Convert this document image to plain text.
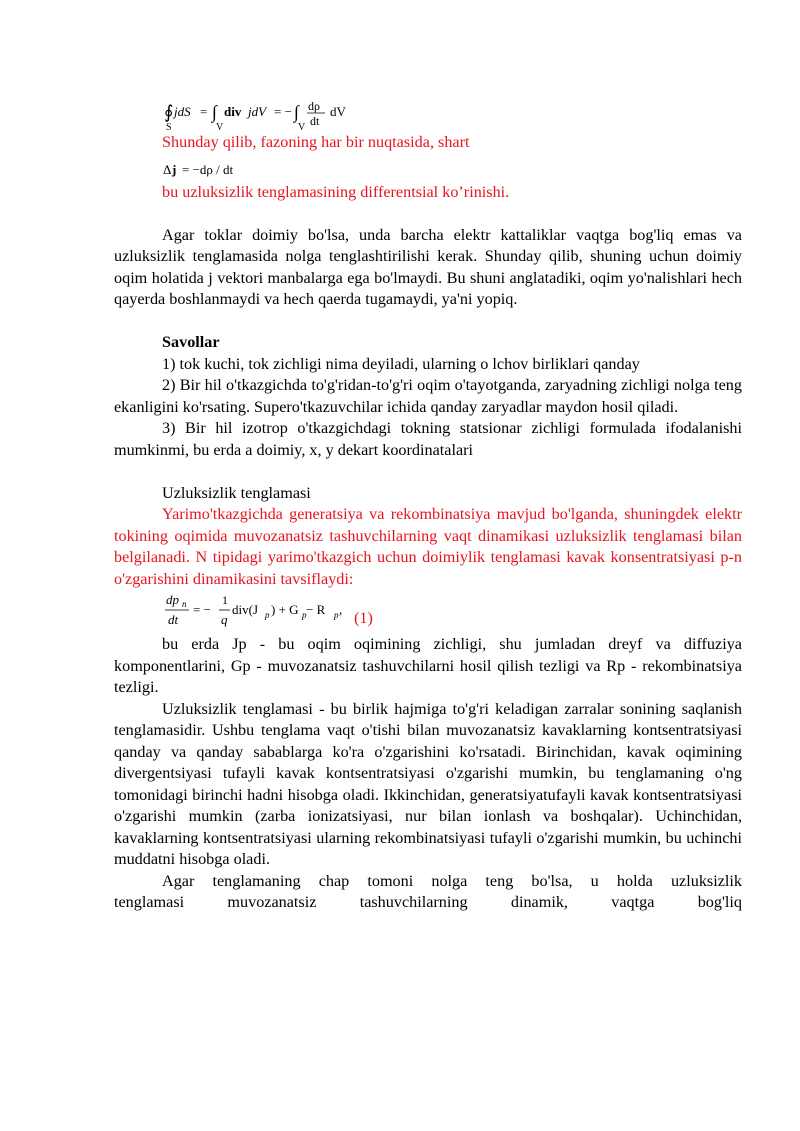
∮
S
jdS = ∫
V
div jdV = − ∫
V
dρ
dt
dV

Shunday qilib, fazoning har bir nuqtasida, shart

Δ j = −dρ / dt

bu uzluksizlik tenglamasining differentsial ko’rinishi.

Agar toklar doimiy bo'lsa, unda barcha elektr kattaliklar vaqtga bog'liq emas va uzluksizlik tenglamasida nolga tenglashtirilishi kerak. Shunday qilib, shuning uchun doimiy oqim holatida j vektori manbalarga ega bo'lmaydi. Bu shuni anglatadiki, oqim yo'nalishlari hech qayerda boshlanmaydi va hech qaerda tugamaydi, ya'ni yopiq.

Savollar

1) tok kuchi, tok zichligi nima deyiladi, ularning o lchov birliklari qanday

2) Bir hil o'tkazgichda to'g'ridan-to'g'ri oqim o'tayotganda, zaryadning zichligi nolga teng ekanligini ko'rsating. Supero'tkazuvchilar ichida qanday zaryadlar maydon hosil qiladi.

3) Bir hil izotrop o'tkazgichdagi tokning statsionar zichligi formulada ifodalanishi mumkinmi, bu erda a doimiy, x, y dekart koordinatalari

Uzluksizlik tenglamasi

Yarimo'tkazgichda generatsiya va rekombinatsiya mavjud bo'lganda, shuningdek elektr tokining oqimida muvozanatsiz tashuvchilarning vaqt dinamikasi uzluksizlik tenglamasi bilan belgilanadi. N tipidagi yarimo'tkazgich uchun doimiylik tenglamasi kavak konsentratsiyasi p-n o'zgarishini dinamikasini tavsiflaydi:

dp n
dt
= −
1
q
div(J p ) + G p − R p , (1)

bu erda Jp - bu oqim oqimining zichligi, shu jumladan dreyf va diffuziya komponentlarini, Gp - muvozanatsiz tashuvchilarni hosil qilish tezligi va Rp - rekombinatsiya tezligi.

Uzluksizlik tenglamasi - bu birlik hajmiga to'g'ri keladigan zarralar sonining saqlanish tenglamasidir. Ushbu tenglama vaqt o'tishi bilan muvozanatsiz kavaklarning kontsentratsiyasi qanday va qanday sabablarga ko'ra o'zgarishini ko'rsatadi. Birinchidan, kavak oqimining divergentsiyasi tufayli kavak kontsentratsiyasi o'zgarishi mumkin, bu tenglamaning o'ng tomonidagi birinchi hadni hisobga oladi. Ikkinchidan, generatsiyatufayli kavak kontsentratsiyasi o'zgarishi mumkin (zarba ionizatsiyasi, nur bilan ionlash va boshqalar). Uchinchidan, kavaklarning kontsentratsiyasi ularning rekombinatsiyasi tufayli o'zgarishi mumkin, bu uchinchi muddatni hisobga oladi.

Agar tenglamaning chap tomoni nolga teng bo'lsa, u holda uzluksizlik

tenglamasi muvozanatsiz tashuvchilarning dinamik, vaqtga bog'liq
